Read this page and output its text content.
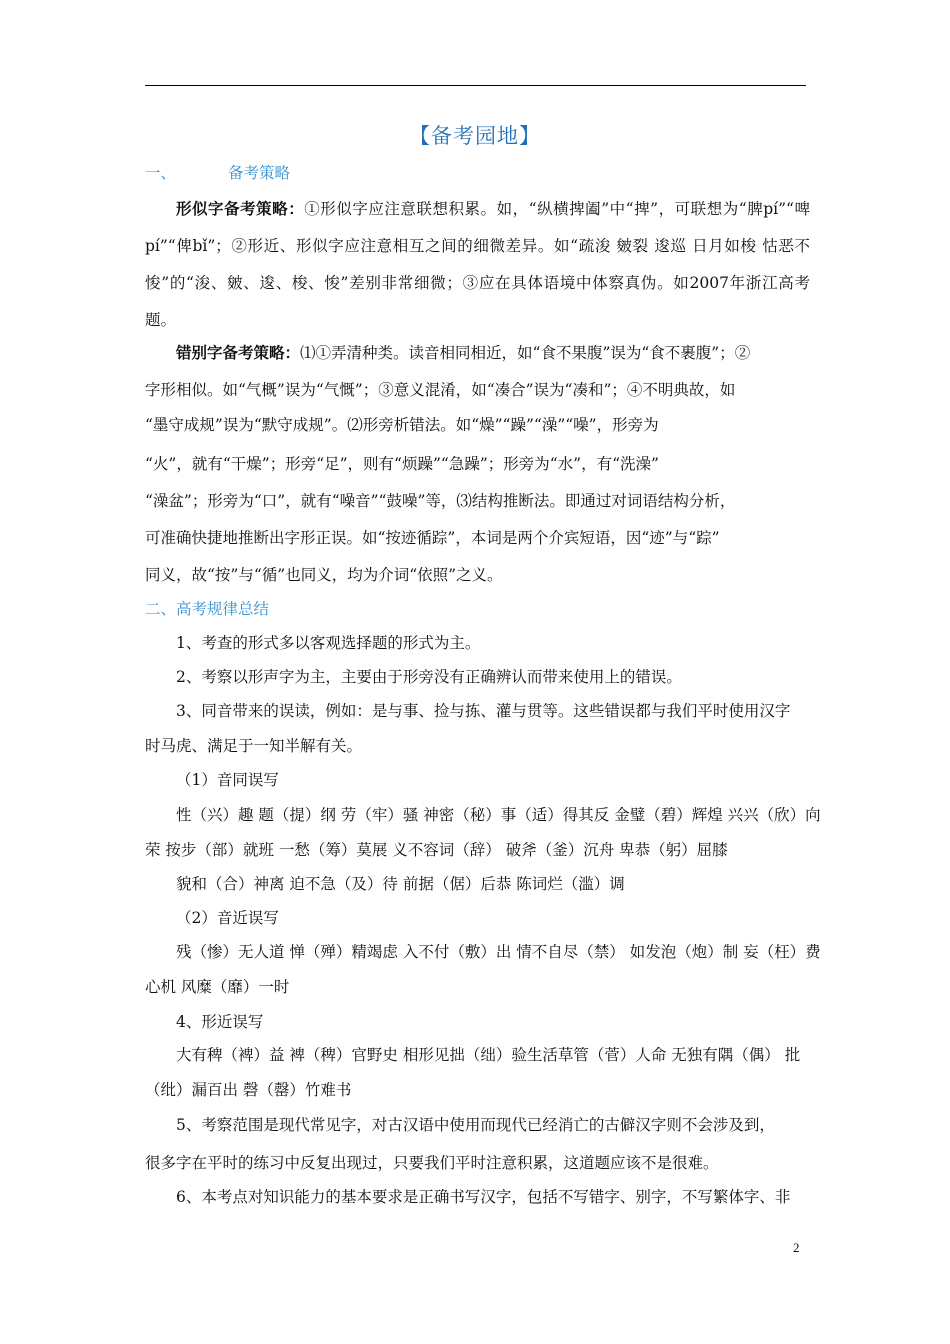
【备考园地】
一、	备考策略
形似字备考策略：①形似字应注意联想积累。如，“纵横捭阖”中“捭”，可联想为“脾pí”“啤pí”“俾bǐ”；②形近、形似字应注意相互之间的细微差异。如“疏浚 皴裂 逡巡 日月如梭 怙恶不悛”的“浚、皴、逡、梭、悛”差别非常细微；③应在具体语境中体察真伪。如2007年浙江高考题。
错别字备考策略：⑴①弄清种类。读音相同相近，如“食不果腹”误为“食不裹腹”；②
字形相似。如“气概”误为“气慨”；③意义混淆，如“凑合”误为“凑和”；④不明典故，如
“墨守成规”误为“默守成规”。⑵形旁析错法。如“燥”“躁”“澡”“噪”，形旁为
“火”，就有“干燥”；形旁“足”，则有“烦躁”“急躁”；形旁为“水”，有“洗澡”
“澡盆”；形旁为“口”，就有“噪音”“鼓噪”等，⑶结构推断法。即通过对词语结构分析，
可准确快捷地推断出字形正误。如“按迹循踪”，本词是两个介宾短语，因“迹”与“踪”
同义，故“按”与“循”也同义，均为介词“依照”之义。
二、高考规律总结
1、考查的形式多以客观选择题的形式为主。
2、考察以形声字为主，主要由于形旁没有正确辨认而带来使用上的错误。
3、同音带来的误读，例如：是与事、捡与拣、灌与贯等。这些错误都与我们平时使用汉字
时马虎、满足于一知半解有关。
（1）音同误写
性（兴）趣 题（提）纲 劳（牢）骚 神密（秘）事（适）得其反 金璧（碧）辉煌 兴兴（欣）向
荣 按步（部）就班 一愁（筹）莫展 义不容词（辞） 破斧（釜）沉舟 卑恭（躬）屈膝
貌和（合）神离 迫不急（及）待 前据（倨）后恭 陈词烂（滥）调
（2）音近误写
残（惨）无人道 惮（殚）精竭虑 入不付（敷）出 情不自尽（禁） 如发泡（炮）制 妄（枉）费
心机 风糜（靡）一时
4、形近误写
大有稗（裨）益 裨（稗）官野史 相形见拙（绌）验生活草管（菅）人命 无独有隅（偶） 批
（纰）漏百出 磬（罄）竹难书
5、考察范围是现代常见字，对古汉语中使用而现代已经消亡的古僻汉字则不会涉及到，
很多字在平时的练习中反复出现过，只要我们平时注意积累，这道题应该不是很难。
6、本考点对知识能力的基本要求是正确书写汉字，包括不写错字、别字，不写繁体字、非
2
